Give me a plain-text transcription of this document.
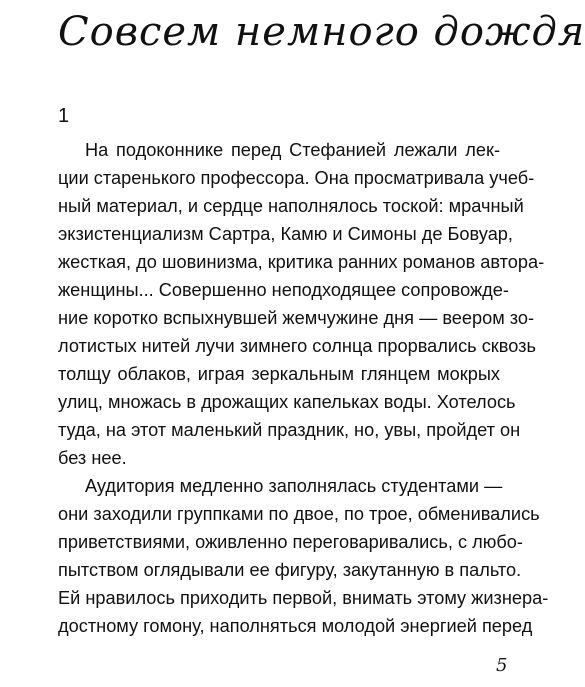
Совсем немного дождя
1
На подоконнике перед Стефанией лежали лек-
ции старенького профессора. Она просматривала учеб-
ный материал, и сердце наполнялось тоской: мрачный
экзистенциализм Сартра, Камю и Симоны де Бовуар,
жесткая, до шовинизма, критика ранних романов автора-
женщины... Совершенно неподходящее сопровожде-
ние коротко вспыхнувшей жемчужине дня — веером зо-
лотистых нитей лучи зимнего солнца прорвались сквозь
толщу облаков, играя зеркальным глянцем мокрых
улиц, множась в дрожащих капельках воды. Хотелось
туда, на этот маленький праздник, но, увы, пройдет он
без нее.
Аудитория медленно заполнялась студентами —
они заходили группками по двое, по трое, обменивались
приветствиями, оживленно переговаривались, с любо-
пытством оглядывали ее фигуру, закутанную в пальто.
Ей нравилось приходить первой, внимать этому жизнера-
достному гомону, наполняться молодой энергией перед
5
